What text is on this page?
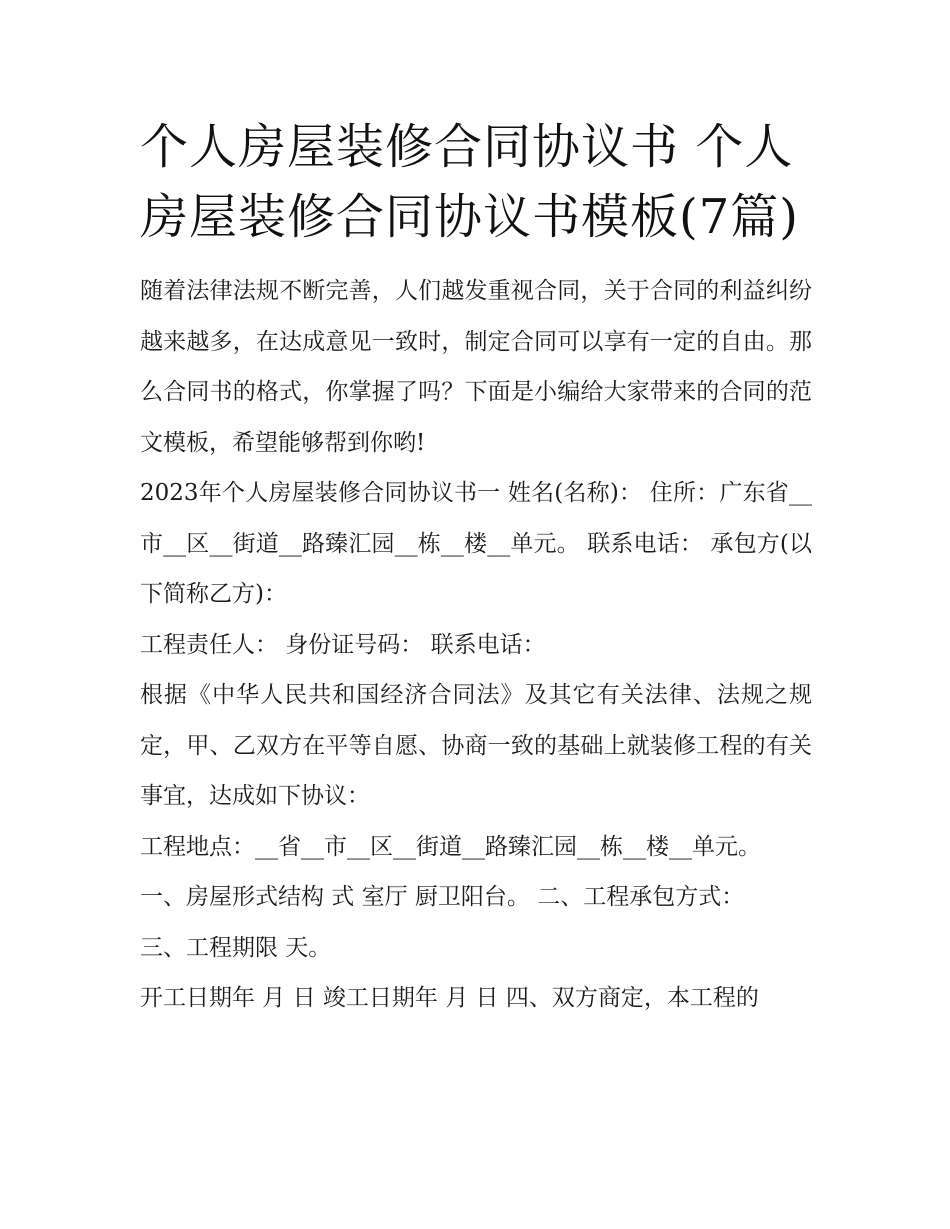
个人房屋装修合同协议书 个人房屋装修合同协议书模板(7篇)

随着法律法规不断完善，人们越发重视合同，关于合同的利益纠纷越来越多，在达成意见一致时，制定合同可以享有一定的自由。那么合同书的格式，你掌握了吗？下面是小编给大家带来的合同的范文模板，希望能够帮到你哟!

2023年个人房屋装修合同协议书一 姓名(名称)： 住所：广东省__市__区__街道__路臻汇园__栋__楼__单元。 联系电话： 承包方(以下简称乙方)：

工程责任人： 身份证号码： 联系电话：

根据《中华人民共和国经济合同法》及其它有关法律、法规之规定，甲、乙双方在平等自愿、协商一致的基础上就装修工程的有关事宜，达成如下协议：

工程地点：__省__市__区__街道__路臻汇园__栋__楼__单元。

一、房屋形式结构 式 室厅 厨卫阳台。 二、工程承包方式：

三、工程期限 天。

开工日期年 月 日 竣工日期年 月 日 四、双方商定，本工程的
